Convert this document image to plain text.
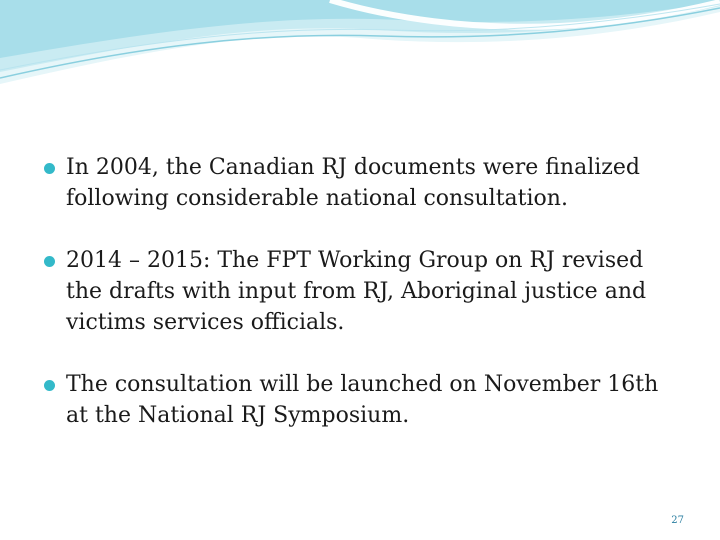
In 2004, the Canadian RJ documents were finalized following considerable national consultation.
2014 – 2015: The FPT Working Group on RJ revised the drafts with input from RJ, Aboriginal justice and victims services officials.
The consultation will be launched on November 16th at the National RJ Symposium.
27
